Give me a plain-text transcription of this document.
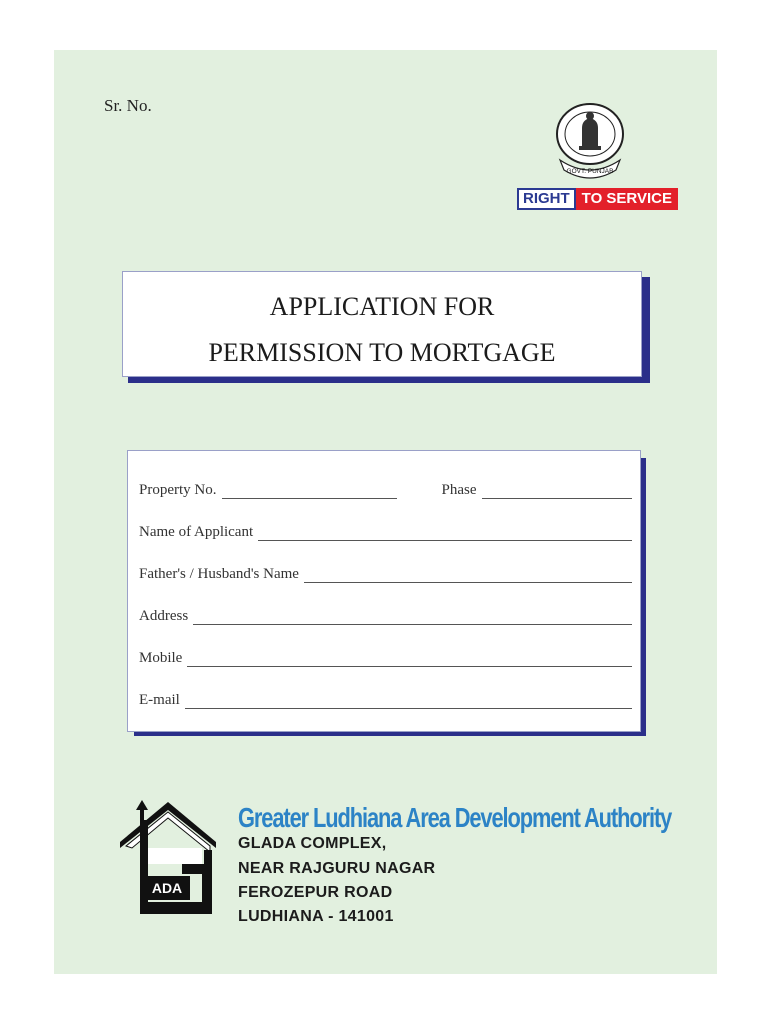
Sr. No.
GOVT. PUNJAB
RIGHT TO SERVICE
APPLICATION FOR
PERMISSION TO MORTGAGE
Property No.	Phase
Name of Applicant
Father's / Husband's Name
Address
Mobile
E-mail
ADA
Greater Ludhiana Area Development Authority
GLADA COMPLEX,
NEAR RAJGURU NAGAR
FEROZEPUR ROAD
LUDHIANA - 141001
